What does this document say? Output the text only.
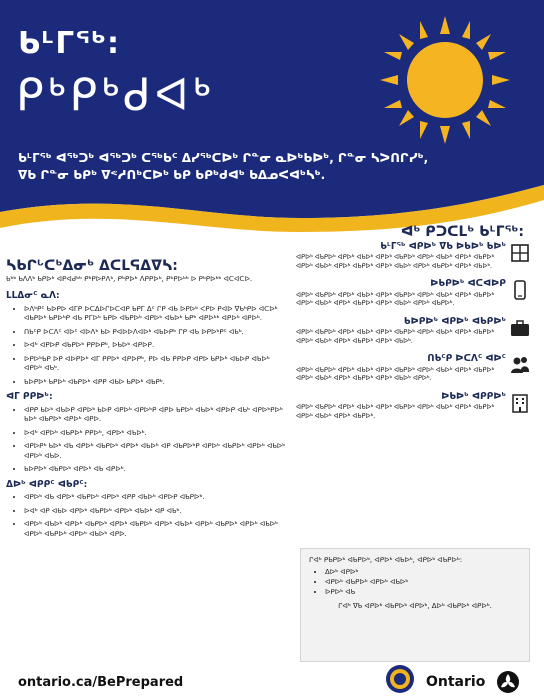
ᑲᒻᒥᕐᒃ:
ᑭᒃᑭᒃᑯᐊᒃ
ᑲᒻᒥᕐᒃ ᐊᖅᑐᒃ ᐊᖅᑐᒃ ᑕᖅᑲᑦ ᐃᓯᖅᑕᐅᒃ ᒋᓐᓂ ᓇᐅᒃᑲᐅᒃ, ᒋᓐᓂ ᓴᐳᑎᒋᓯᒃ, ᐁᑲ ᒋᓐᓂ ᑲᑭᒃ ᐁᕝᓱᑎᒃᑕᐅᒃ ᑲᑭ ᑲᑭᒃᑯᐊᒃ ᑲᐃᓄᐸᐊᒃᓴᒃ.
ᓴᑲᒋᒡᑕᒃᐃᓂᒃ ᐃᑕᒪᕋᐃᐁᓴ:

ᑲᒃᒃ ᑲᐱᐱᒃ ᑲᑭᐅᒃ ᐊᑭᐊᑯᒃᒃ ᑭᒃᑭᐅᑭᐱᒃ, ᑭᒃᑭᐅᒃ ᐱᑭᑭᐅᒃ, ᑭᒃᑭᐅᒃᒃ ᐅ ᑭᒃᑭᐅᒃᒃ ᐊᑕᐊᑕᐅ.

ᒪᒪᐃᓂᑦ ᓇᐱ:
• ᐅᐱᒃᑭᑦ ᑲᐅᑭᐅ ᐊᒥᑭ ᐅᑕᐃᐅᒋᐅᑕᐊᑭ ᑲᑭᒥ ᐃᑦ ᒋᑭ ᐊᑲ ᐅᑭᐅᒃ ᐸᑭᐅ ᑭᐊᐅ ᐁᑲᒃᑭᐅ ᐊᑕᐅᒃ ᐊᑲᑭᐅᒃ ᑲᑭᐅᒃᑭ ᐊᑲ ᑭᒥᐅᒃ ᑲᑭᐅ ᐊᑲᑭᐅᒃ ᐊᑭᐅᒃ ᐊᑲᐅᒃ ᑲᑭᒃ ᐊᑭᐅᒃᒃ ᐊᑭᐅᒃ ᐊᑭᐅᒃ.
• ᑎᑲᑦᑭ ᐅᑕᐱᑦ ᐊᐅᑦ ᐊᐅᐱᒃ ᑲᐅ ᑭᐊᐅᐅᐱᐊᐅᒃ ᐊᑲᐅᑭᒃ ᒋᑭ ᐊᑲ ᐅᑭᐅᒃᑭᑦ ᐊᑲᒃ.
• ᐅᐊᒃ ᐊᑭᐅᑭ ᐊᑲᑭᐅᒃ ᑭᑭᐅᑭᒃ, ᐅᑲᐅᒃ ᐊᑭᐅᑭ.
• ᐅᑭᐅᒃᑲᑭ ᐅᑭ ᐊᐅᑭᐅᒃ ᐊᒥ ᑭᑭᐅᒃ ᐊᑭᐅᑭᒃ, ᑭᐅ ᐊᑲ ᑭᑭᐅᑭ ᐊᑭᐅ ᑲᑭᐅᒃ ᐊᑲᐅᑭ ᐊᑲᐅᒃ ᐊᑭᐅᒃ ᐊᑲᒃ.
• ᑲᐅᑭᐅᒃ ᑲᑭᐅᒃ ᐊᑲᑭᐅᒃ ᐊᑭᑭ ᐊᑲᐅ ᑲᑭᐅᒃ ᐊᑲᑭᒃ.
ᐊᒥ ᑭᑭᐅᒃ:
• ᐊᑭᑭ ᑲᐅᒃ ᐊᑲᐅᑭ ᐊᑭᐅᒃ ᑲᐅᑭ ᐊᑭᐅᒃ ᐊᑭᐅᒃᑭ ᐊᑭᐅ ᑲᑭᐅᒃ ᐊᑲᐅᒃ ᐊᑭᐅᑭ ᐊᑲᒃ ᐊᑭᐅᒃᑭᐅᒃ ᑲᐅᒃ ᐊᑲᑭᐅᒃ ᐊᑭᐅᒃ ᐊᑭᐅ.
• ᐅᐊᒃ ᐊᑭᐅᒃ ᐊᑲᑭᐅᒃ ᑭᑭᐅᒃ, ᐊᑭᐅᒃ ᐊᑲᐅᒃ.
• ᐊᑭᐅᑭᒃ ᑲᐅᒃ ᐊᑲ ᐊᑭᐅᒃ ᐊᑲᑭᐅᒃ ᐊᑭᐅᒃ ᐊᑲᐅᒃ ᐊᑭ ᐊᑲᑭᐅᒃᑭ ᐊᑭᐅᒃ ᐊᑲᑭᐅᒃ ᐊᑭᐅᒃ ᐊᑲᐅᒃ ᐊᑭᐅᒃ ᐊᑲᐅ.
• ᑲᐅᑭᐅᒃ ᐊᑲᑭᐅᒃ ᐊᑭᐅᒃ ᐊᑲ ᐊᑭᐅᒃ.
ᐃᐅᒃ ᐊᑭᑭᑦ ᐊᑲᑭᑦ:
• ᐊᑭᐅᒃ ᐊᑲ ᐊᑭᐅᒃ ᐊᑲᑭᐅᒃ ᐊᑭᐅᒃ ᐊᑭᑭ ᐊᑲᐅᒃ ᐊᑭᐅᑭ ᐊᑲᑭᐅᒃ.
• ᐅᐊᒃ ᐊᑭ ᐊᑲᐅ ᐊᑭᐅᒃ ᐊᑲᑭᐅᒃ ᐊᑭᐅᒃ ᐊᑲᐅᒃ ᐊᑭ ᐊᑲᒃ.
• ᐊᑭᐅᒃ ᐊᑲᐅᒃ ᐊᑭᐅᒃ ᐊᑲᑭᐅᒃ ᐊᑭᐅᒃ ᐊᑲᑭᐅᒃ ᐊᑭᐅᒃ ᐊᑲᐅᒃ ᐊᑭᐅᒃ ᐊᑲᑭᐅᒃ ᐊᑭᐅᒃ ᐊᑲᐅᒃ ᐊᑭᐅᒃ ᐊᑲᑭᐅᒃ ᐊᑭᐅᒃ ᐊᑲᐅᒃ ᐊᑭᐅ.
ᐊᒃ ᑭᑐᑕᒪᒃ ᑲᒻᒥᕐᒃ:
ᑲᒻᒥᕐᒃ ᐊᑭᐅᒃ ᐁᑲ ᐅᑲᐅᒃ ᑲᐅᒃ
ᐊᑭᐅᒃ ᐊᑲᑭᐅᒃ ᐊᑭᐅᒃ ᐊᑲᐅᒃ ᐊᑭᐅᒃ ᐊᑲᑭᐅᒃ ᐊᑭᐅᒃ ᐊᑲᐅᒃ ᐊᑭᐅᒃ ᐊᑲᑭᐅᒃ ᐊᑭᐅᒃ ᐊᑲᐅᒃ ᐊᑭᐅᒃ ᐊᑲᑭᐅᒃ ᐊᑭᐅᒃ ᐊᑲᐅᒃ ᐊᑭᐅᒃ ᐊᑲᑭᐅᒃ ᐊᑭᐅᒃ ᐊᑲᐅᒃ.
ᐅᑲᑭᐅᒃ ᐊᑕᐊᐅᑭ
ᐊᑭᐅᒃ ᐊᑲᑭᐅᒃ ᐊᑭᐅᒃ ᐊᑲᐅᒃ ᐊᑭᐅᒃ ᐊᑲᑭᐅᒃ ᐊᑭᐅᒃ ᐊᑲᐅᒃ ᐊᑭᐅᒃ ᐊᑲᑭᐅᒃ ᐊᑭᐅᒃ ᐊᑲᐅᒃ ᐊᑭᐅᒃ ᐊᑲᑭᐅᒃ ᐊᑭᐅᒃ ᐊᑲᐅᒃ ᐊᑭᐅᒃ ᐊᑲᑭᐅᒃ.
ᑲᐅᑭᐅᒃ ᐊᑭᐅᒃ ᐊᑲᑭᐅᒃ
ᐊᑭᐅᒃ ᐊᑲᑭᐅᒃ ᐊᑭᐅᒃ ᐊᑲᐅᒃ ᐊᑭᐅᒃ ᐊᑲᑭᐅᒃ ᐊᑭᐅᒃ ᐊᑲᐅᒃ ᐊᑭᐅᒃ ᐊᑲᑭᐅᒃ ᐊᑭᐅᒃ ᐊᑲᐅᒃ ᐊᑭᐅᒃ ᐊᑲᑭᐅᒃ ᐊᑭᐅᒃ ᐊᑲᐅᒃ.
ᑎᑲᑦᑭ ᐅᑕᐱᑦ ᐊᐅᑦ
ᐊᑭᐅᒃ ᐊᑲᑭᐅᒃ ᐊᑭᐅᒃ ᐊᑲᐅᒃ ᐊᑭᐅᒃ ᐊᑲᑭᐅᒃ ᐊᑭᐅᒃ ᐊᑲᐅᒃ ᐊᑭᐅᒃ ᐊᑲᑭᐅᒃ ᐊᑭᐅᒃ ᐊᑲᐅᒃ ᐊᑭᐅᒃ ᐊᑲᑭᐅᒃ ᐊᑭᐅᒃ ᐊᑲᐅᒃ ᐊᑭᐅᒃ.
ᐅᑲᐅᒃ ᐊᑭᑭᐅᒃ
ᐊᑭᐅᒃ ᐊᑲᑭᐅᒃ ᐊᑭᐅᒃ ᐊᑲᐅᒃ ᐊᑭᐅᒃ ᐊᑲᑭᐅᒃ ᐊᑭᐅᒃ ᐊᑲᐅᒃ ᐊᑭᐅᒃ ᐊᑲᑭᐅᒃ ᐊᑭᐅᒃ ᐊᑲᐅᒃ ᐊᑭᐅᒃ ᐊᑲᑭᐅᒃ.
ᒋᐊᒃ ᑭᑲᑭᐅᒃ ᐊᑲᑭᐅᒃ, ᐊᑭᐅᒃ ᐊᑲᐅᒃ, ᐊᑭᐅᒃ ᐊᑲᑭᐅᒃ:
• ᐃᐅᒃ ᐊᑭᐅᒃ
• ᐊᑭᐅᒃ ᐊᑲᑭᐅᒃ ᐊᑭᐅᒃ ᐊᑲᐅᒃ
• ᐅᑭᐅᒃ ᐊᑲ
ᒋᐊᒃ ᐁᑲ ᐊᑭᐅᒃ ᐊᑲᑭᐅᒃ ᐊᑭᐅᒃ, ᐃᐅᒃ ᐊᑲᑭᐅᒃ ᐊᑭᐅᒃ.
ontario.ca/BePrepared	Ontario
